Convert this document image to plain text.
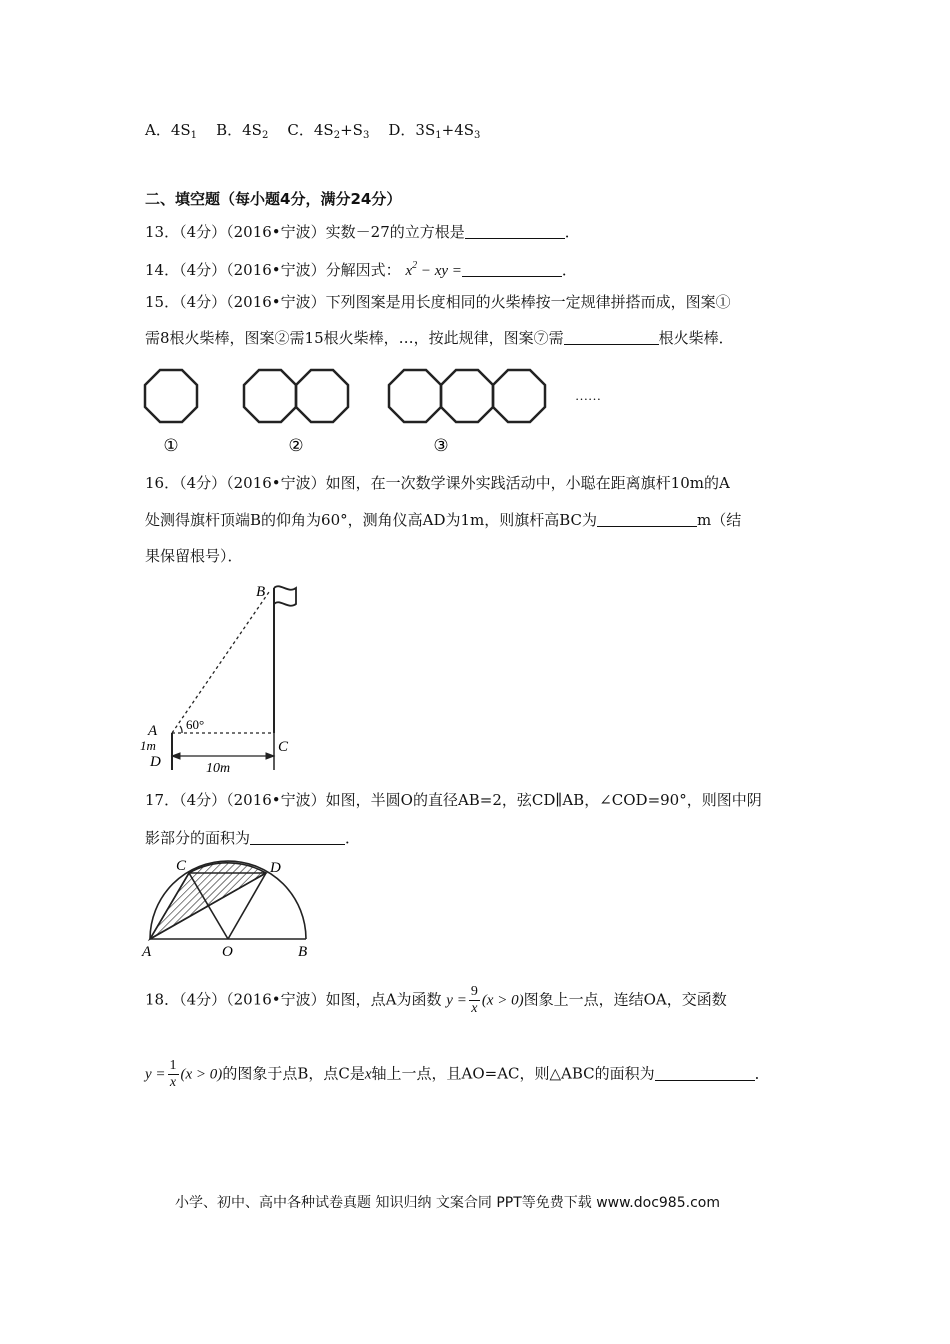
A．$4S_1$ B．$4S_2$ C．$4S_2+S_3$ D．$3S_1+4S_3$
二、填空题（每小题4分，满分24分）
13．（4分）（2016•宁波）实数－27的立方根是	．
14．（4分）（2016•宁波）分解因式： $x^2$ − xy =	．
15．（4分）（2016•宁波）下列图案是用长度相同的火柴棒按一定规律拼搭而成，图案①
需8根火柴棒，图案②需15根火柴棒，…，按此规律，图案⑦需	根火柴棒．
①	②	③
……
16．（4分）（2016•宁波）如图，在一次数学课外实践活动中，小聪在距离旗杆10m的A
处测得旗杆顶端B的仰角为60°，测角仪高AD为1m，则旗杆高BC为	m（结
果保留根号）．
B
A 60°
1m	C
D	10m
17．（4分）（2016•宁波）如图，半圆O的直径AB=2，弦CD∥AB，∠COD=90°，则图中阴
影部分的面积为	．
C	D
A	O	B
18．（4分）（2016•宁波）如图，点A为函数 $y = \frac{9}{x} (x > 0)$图象上一点，连结OA，交函数
$y = \frac{1}{x} (x > 0)$的图象于点B，点C是x轴上一点，且AO=AC，则△ABC的面积为	．
小学、初中、高中各种试卷真题 知识归纳 文案合同 PPT等免费下载 www.doc985.com
